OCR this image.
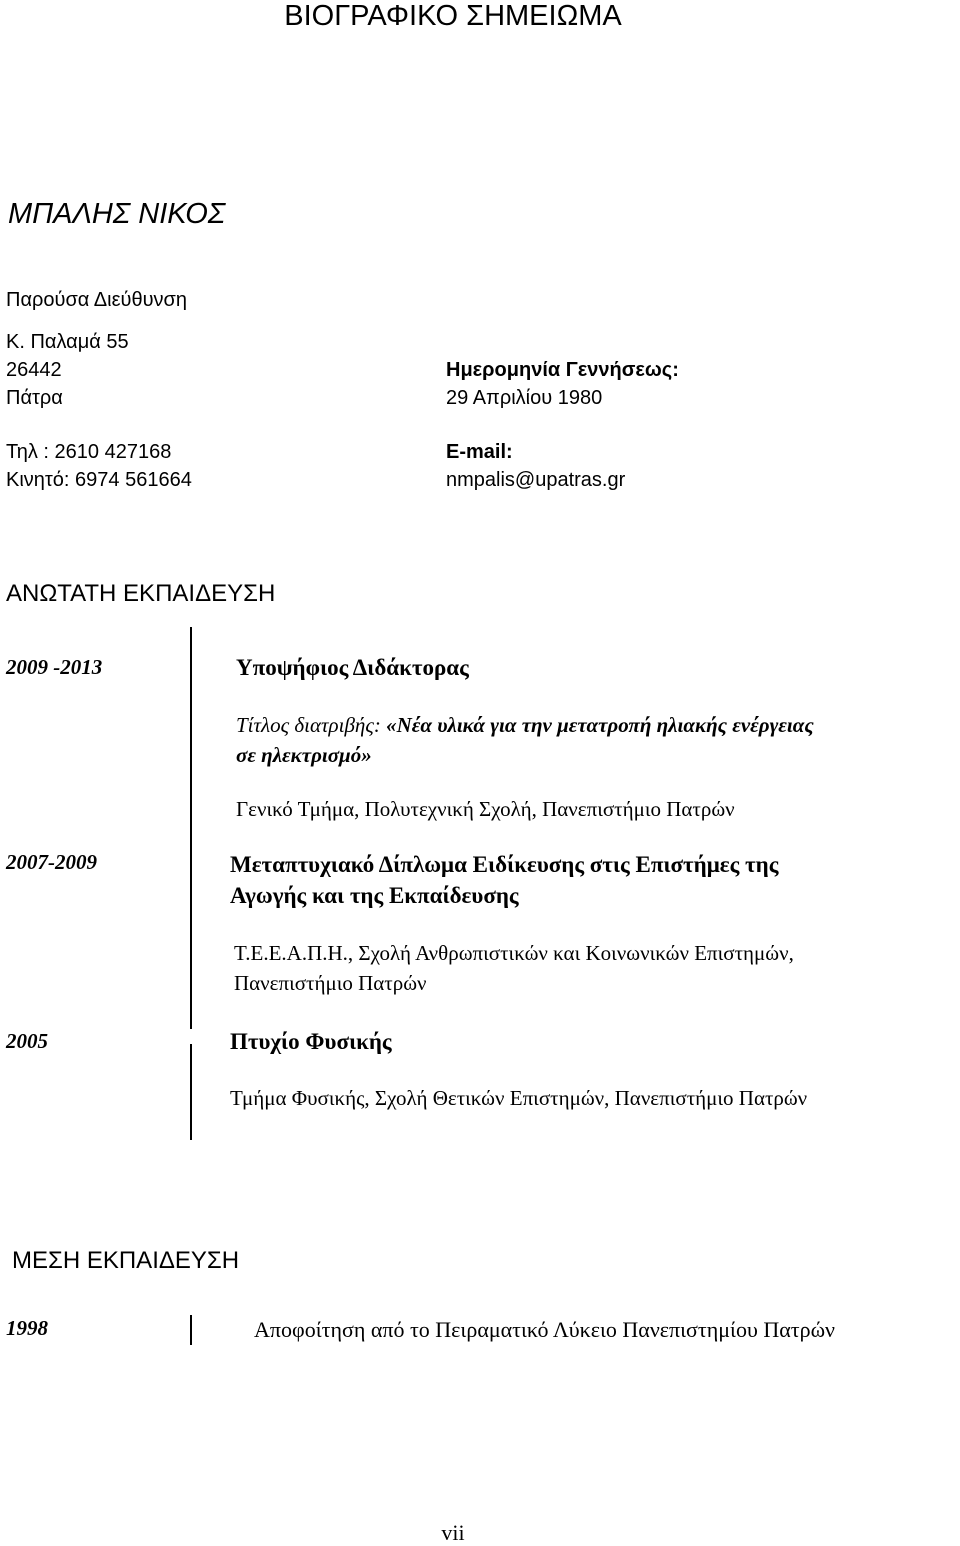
ΒΙΟΓΡΑΦΙΚΟ ΣΗΜΕΙΩΜΑ
ΜΠΑΛΗΣ ΝΙΚΟΣ
Παρούσα Διεύθυνση
Κ. Παλαμά 55
26442
Πάτρα
Τηλ : 2610 427168
Κινητό: 6974 561664
Ημερομηνία Γεννήσεως:
29 Απριλίου 1980
E-mail:
nmpalis@upatras.gr
ΑΝΩΤΑΤΗ ΕΚΠΑΙΔΕΥΣΗ
2009 -2013	Υποψήφιος Διδάκτορας
Τίτλος διατριβής: «Νέα υλικά για την μετατροπή ηλιακής ενέργειας
σε ηλεκτρισμό»
Γενικό Τμήμα, Πολυτεχνική Σχολή, Πανεπιστήμιο Πατρών
2007-2009	Μεταπτυχιακό Δίπλωμα Ειδίκευσης στις Επιστήμες της
Αγωγής και της Εκπαίδευσης
Τ.Ε.Ε.Α.Π.Η., Σχολή Ανθρωπιστικών και Κοινωνικών Επιστημών,
Πανεπιστήμιο Πατρών
2005	Πτυχίο Φυσικής
Τμήμα Φυσικής, Σχολή Θετικών Επιστημών, Πανεπιστήμιο Πατρών
ΜΕΣΗ ΕΚΠΑΙΔΕΥΣΗ
1998	Αποφοίτηση από το Πειραματικό Λύκειο Πανεπιστημίου Πατρών
vii
